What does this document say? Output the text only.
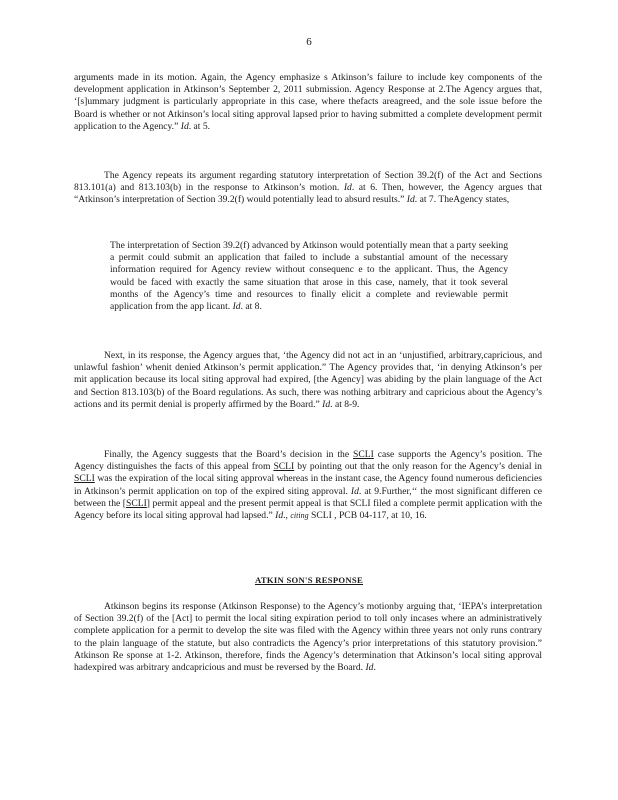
6
arguments made in its motion. Again, the Agency emphasize s Atkinson’s failure to include key components of the development application in Atkinson’s September 2, 2011 submission. Agency Response at 2.The Agency argues that, ‘[s]ummary judgment is particularly appropriate in this case, where thefacts areagreed, and the sole issue before the Board is whether or not Atkinson’s local siting approval lapsed prior to having submitted a complete development permit application to the Agency.” Id. at 5.
The Agency repeats its argument regarding statutory interpretation of Section 39.2(f) of the Act and Sections 813.101(a) and 813.103(b) in the response to Atkinson’s motion. Id. at 6. Then, however, the Agency argues that “Atkinson’s interpretation of Section 39.2(f) would potentially lead to absurd results.” Id. at 7. TheAgency states,
The interpretation of Section 39.2(f) advanced by Atkinson would potentially mean that a party seeking a permit could submit an application that failed to include a substantial amount of the necessary information required for Agency review without consequenc e to the applicant. Thus, the Agency would be faced with exactly the same situation that arose in this case, namely, that it took several months of the Agency’s time and resources to finally elicit a complete and reviewable permit application from the app licant. Id. at 8.
Next, in its response, the Agency argues that, ‘the Agency did not act in an ‘unjustified, arbitrary,capricious, and unlawful fashion’ whenit denied Atkinson’s permit application.” The Agency provides that, ‘in denying Atkinson’s per mit application because its local siting approval had expired, [the Agency] was abiding by the plain language of the Act and Section 813.103(b) of the Board regulations. As such, there was nothing arbitrary and capricious about the Agency’s actions and its permit denial is properly affirmed by the Board.” Id. at 8-9.
Finally, the Agency suggests that the Board’s decision in the SCLI case supports the Agency’s position. The Agency distinguishes the facts of this appeal from SCLI by pointing out that the only reason for the Agency’s denial in SCLI was the expiration of the local siting approval whereas in the instant case, the Agency found numerous deficiencies in Atkinson’s permit application on top of the expired siting approval. Id. at 9.Further,‘‘ the most significant differen ce between the [SCLI] permit appeal and the present permit appeal is that SCLI filed a complete permit application with the Agency before its local siting approval had lapsed.” Id., citing SCLI , PCB 04-117, at 10, 16.
ATKIN SON'S RESPONSE
Atkinson begins its response (Atkinson Response) to the Agency’s motionby arguing that, ‘IEPA’s interpretation of Section 39.2(f) of the [Act] to permit the local siting expiration period to toll only incases where an administratively complete application for a permit to develop the site was filed with the Agency within three years not only runs contrary to the plain language of the statute, but also contradicts the Agency’s prior interpretations of this statutory provision.” Atkinson Re sponse at 1-2. Atkinson, therefore, finds the Agency’s determination that Atkinson’s local siting approval hadexpired was arbitrary andcapricious and must be reversed by the Board. Id.
